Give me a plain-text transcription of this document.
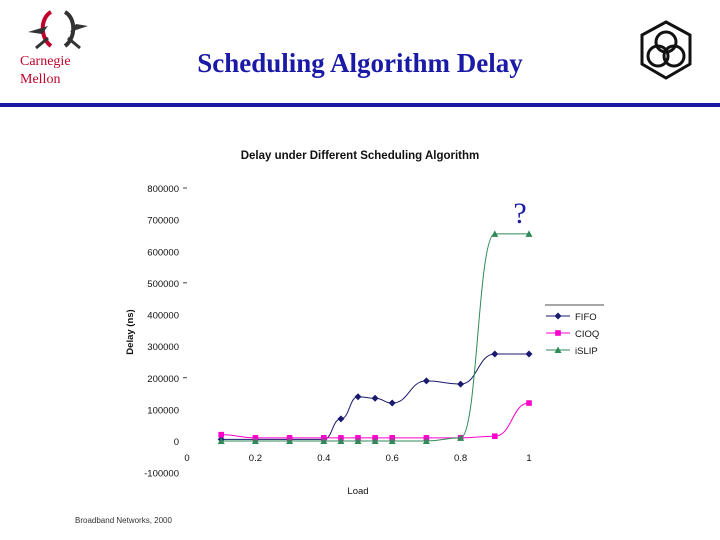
Carnegie
Mellon
Scheduling Algorithm Delay
Delay under Different Scheduling Algorithm
Delay (ns)
Load
800000
700000
600000
500000
400000
300000
200000
100000
0
-100000
0	0.2	0.4	0.6	0.8	1
FIFO
CIOQ
iSLIP
?
Broadband Networks, 2000
